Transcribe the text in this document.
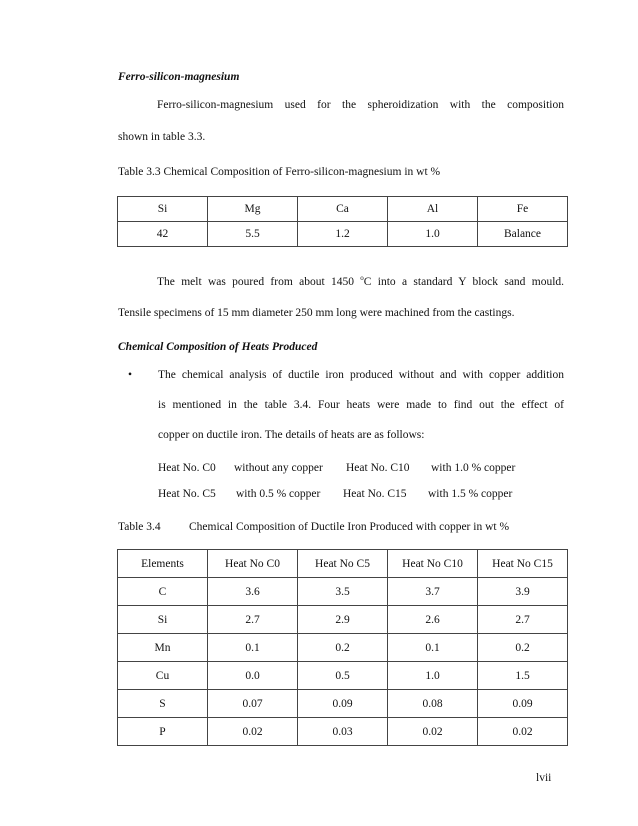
Ferro-silicon-magnesium
Ferro-silicon-magnesium used for the spheroidization with the composition
shown in table 3.3.
Table 3.3 Chemical Composition of Ferro-silicon-magnesium in wt %
Si	Mg	Ca	Al	Fe
42	5.5	1.2	1.0	Balance
The melt was poured from about 1450 $^o$C into a standard Y block sand mould.
Tensile specimens of 15 mm diameter 250 mm long were machined from the castings.
Chemical Composition of Heats Produced
• The chemical analysis of ductile iron produced without and with copper addition
is mentioned in the table 3.4. Four heats were made to find out the effect of
copper on ductile iron. The details of heats are as follows:
Heat No. C0 without any copper Heat No. C10 with 1.0 % copper
Heat No. C5 with 0.5 % copper Heat No. C15 with 1.5 % copper
Table 3.4 Chemical Composition of Ductile Iron Produced with copper in wt %
Elements	Heat No C0	Heat No C5	Heat No C10	Heat No C15
C	3.6	3.5	3.7	3.9
Si	2.7	2.9	2.6	2.7
Mn	0.1	0.2	0.1	0.2
Cu	0.0	0.5	1.0	1.5
S	0.07	0.09	0.08	0.09
P	0.02	0.03	0.02	0.02
lvii
